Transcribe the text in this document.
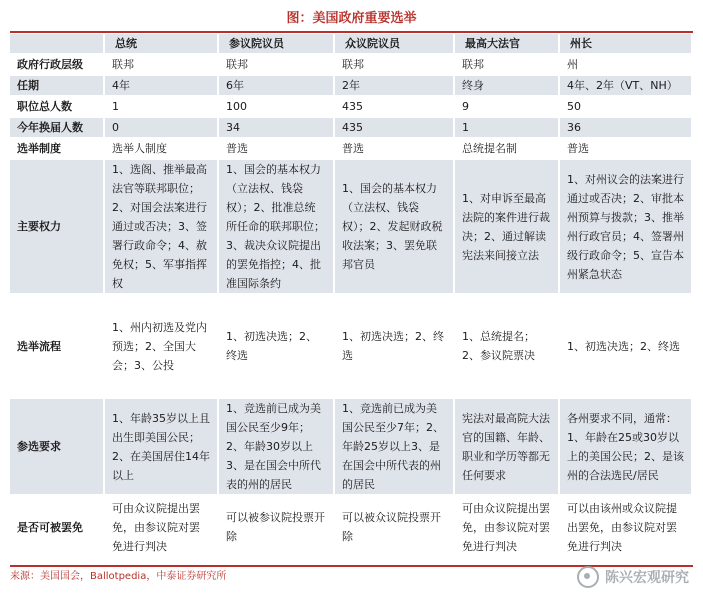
图：美国政府重要选举
	总统	参议院议员	众议院议员	最高大法官	州长
政府行政层级	联邦	联邦	联邦	联邦	州
任期	4年	6年	2年	终身	4年、2年（VT、NH）
职位总人数	1	100	435	9	50
今年换届人数	0	34	435	1	36
选举制度	选举人制度	普选	普选	总统提名制	普选
主要权力	1、选阁、推举最高法官等联邦职位；2、对国会法案进行通过或否决；3、签署行政命令；4、赦免权；5、军事指挥权	1、国会的基本权力（立法权、钱袋权）；2、批准总统所任命的联邦职位；3、裁决众议院提出的罢免指控；4、批准国际条约	1、国会的基本权力（立法权、钱袋权）；2、发起财政税收法案；3、罢免联邦官员	1、对申诉至最高法院的案件进行裁决；2、通过解读宪法来间接立法	1、对州议会的法案进行通过或否决；2、审批本州预算与拨款；3、推举州行政官员；4、签署州级行政命令；5、宣告本州紧急状态
选举流程	1、州内初选及党内预选；2、全国大会；3、公投	1、初选决选；2、终选	1、初选决选；2、终选	1、总统提名；2、参议院票决	1、初选决选；2、终选
参选要求	1、年龄35岁以上且出生即美国公民；2、在美国居住14年以上	1、竞选前已成为美国公民至少9年；2、年龄30岁以上3、是在国会中所代表的州的居民	1、竞选前已成为美国公民至少7年；2、年龄25岁以上3、是在国会中所代表的州的居民	宪法对最高院大法官的国籍、年龄、职业和学历等都无任何要求	各州要求不同，通常：1、年龄在25或30岁以上的美国公民；2、是该州的合法选民/居民
是否可被罢免	可由众议院提出罢免，由参议院对罢免进行判决	可以被参议院投票开除	可以被众议院投票开除	可由众议院提出罢免，由参议院对罢免进行判决	可以由该州或众议院提出罢免，由参议院对罢免进行判决
来源：美国国会，Ballotpedia，中泰证券研究所	陈兴宏观研究
